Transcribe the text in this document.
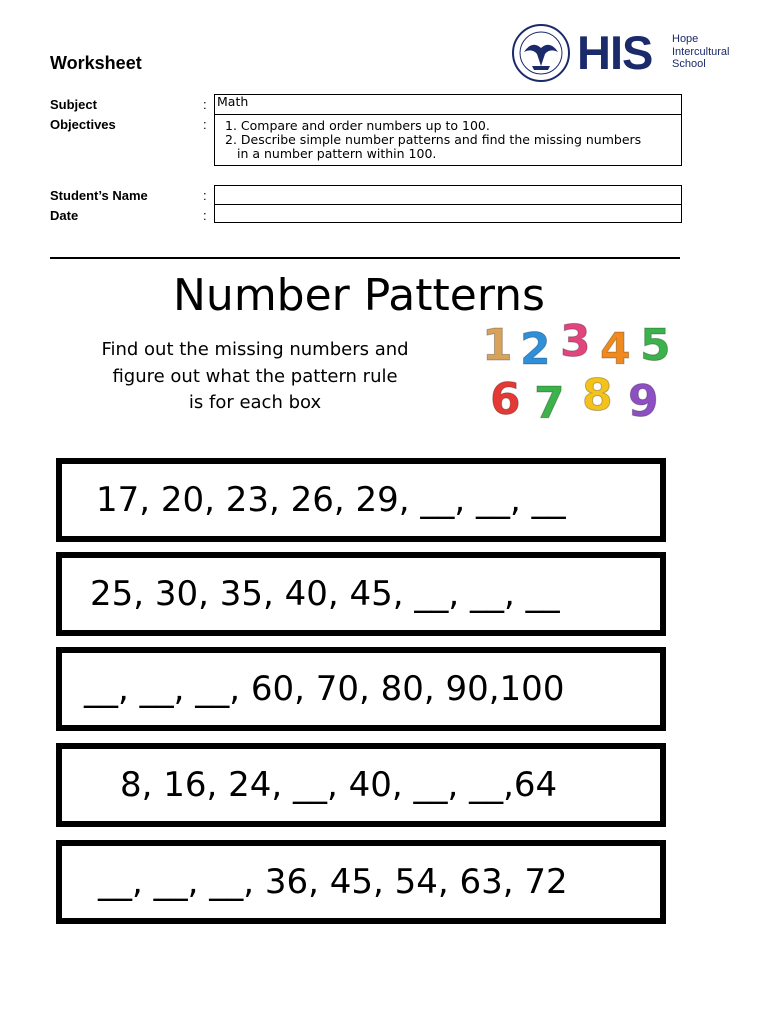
Worksheet	HIS Hope
Intercultural
School
Subject
Objectives
Student’s Name
Date
:
:
:
:
Math
1. Compare and order numbers up to 100.
2. Describe simple number patterns and find the missing numbers
in a number pattern within 100.
Number Patterns
Find out the missing numbers and
figure out what the pattern rule
is for each box
1 2 3 4 5
6 7 8 9
17, 20, 23, 26, 29, __, __, __
25, 30, 35, 40, 45, __, __, __
__, __, __, 60, 70, 80, 90,100
8, 16, 24, __, 40, __, __,64
__, __, __, 36, 45, 54, 63, 72
